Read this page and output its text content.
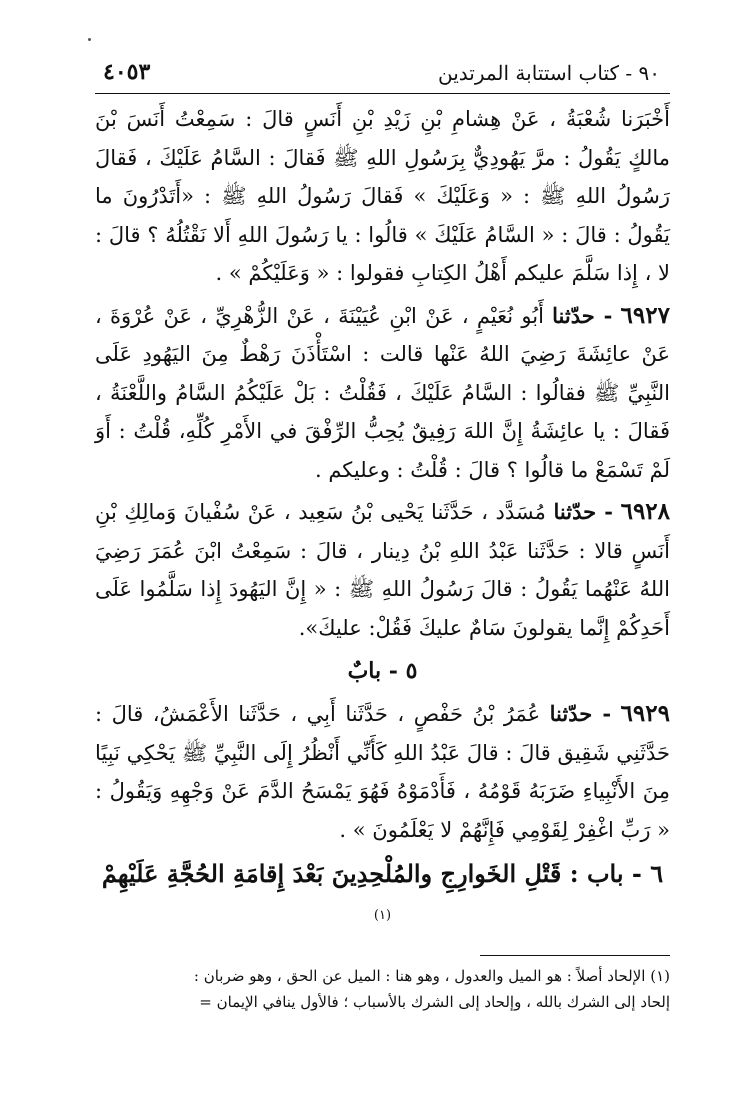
٩٠ - كتاب استتابة المرتدين
٤٠٥٣

أَخْبَرَنا شُعْبَةُ ، عَنْ هِشامِ بْنِ زَيْدِ بْنِ أَنَسٍ قالَ : سَمِعْتُ أَنَسَ بْنَ مالكٍ يَقُولُ : مرَّ يَهُودِيٌّ بِرَسُولِ اللهِ ﷺ فَقالَ : السَّامُ عَلَيْكَ ، فَقالَ رَسُولُ اللهِ ﷺ : « وَعَلَيْكَ » فَقالَ رَسُولُ اللهِ ﷺ : «أَتَدْرُونَ ما يَقُولُ : قالَ : « السَّامُ عَلَيْكَ » قالُوا : يا رَسُولَ اللهِ أَلا نَقْتُلُهُ ؟ قالَ : لا ، إِذا سَلَّمَ عليكم أَهْلُ الكِتابِ فقولوا : « وَعَلَيْكُمْ » .

٦٩٢٧ - حدّثنا أَبُو نُعَيْمٍ ، عَنْ ابْنِ عُيَيْنَةَ ، عَنْ الزُّهْرِيِّ ، عَنْ عُرْوَةَ ، عَنْ عائِشَةَ رَضِيَ اللهُ عَنْها قالت : اسْتَأْذَنَ رَهْطٌ مِنَ اليَهُودِ عَلَى النَّبِيِّ ﷺ فقالُوا : السَّامُ عَلَيْكَ ، فَقُلْتُ : بَلْ عَلَيْكُمُ السَّامُ واللَّعْنَةُ ، فَقالَ : يا عائِشَةُ إِنَّ اللهَ رَفِيقٌ يُحِبُّ الرِّفْقَ في الأَمْرِ كُلِّهِ، قُلْتُ : أَوَ لَمْ تَسْمَعْ ما قالُوا ؟ قالَ : قُلْتُ : وعليكم .

٦٩٢٨ - حدّثنا مُسَدَّد ، حَدَّثَنا يَحْيى بْنُ سَعِيد ، عَنْ سُفْيانَ وَمالِكِ بْنِ أَنَسٍ قالا : حَدَّثَنا عَبْدُ اللهِ بْنُ دِينار ، قالَ : سَمِعْتُ ابْنَ عُمَرَ رَضِيَ اللهُ عَنْهُما يَقُولُ : قالَ رَسُولُ اللهِ ﷺ : « إِنَّ اليَهُودَ إِذا سَلَّمُوا عَلَى أَحَدِكُمْ إِنَّما يقولونَ سَامٌ عليكَ فَقُلْ: عليكَ».

٥ - بابٌ

٦٩٢٩ - حدّثنا عُمَرُ بْنُ حَفْصٍ ، حَدَّثَنا أَبِي ، حَدَّثَنا الأَعْمَشُ، قالَ : حَدَّثَنِي شَقِيق قالَ : قالَ عَبْدُ اللهِ كَأَنِّي أَنْظُرُ إِلَى النَّبِيِّ ﷺ يَحْكِي نَبِيًا مِنَ الأَنْبِياءِ ضَرَبَهُ قَوْمُهُ ، فَأَدْمَوْهُ فَهُوَ يَمْسَحُ الدَّمَ عَنْ وَجْهِهِ وَيَقُولُ : « رَبِّ اغْفِرْ لِقَوْمِي فَإِنَّهُمْ لا يَعْلَمُونَ » .

٦ - باب : قَتْلِ الخَوارِجِ والمُلْحِدِينَ بَعْدَ إِقامَةِ الحُجَّةِ عَلَيْهِمْ $^{(١)}$

(١) الإلحاد أصلاً : هو الميل والعدول ، وهو هنا : الميل عن الحق ، وهو ضربان :

إلحاد إلى الشرك بالله ، وإلحاد إلى الشرك بالأسباب ؛ فالأول ينافي الإيمان =
